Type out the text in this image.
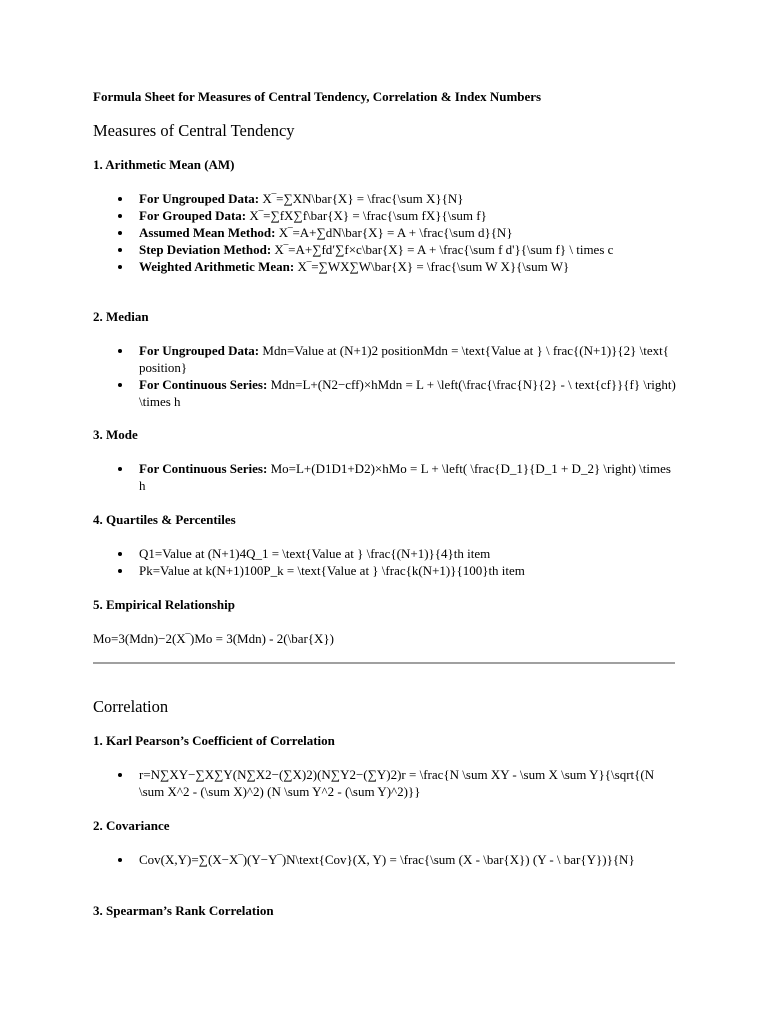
Formula Sheet for Measures of Central Tendency, Correlation & Index Numbers
Measures of Central Tendency
1. Arithmetic Mean (AM)
For Ungrouped Data: X‾=∑XN\bar{X} = \frac{\sum X}{N}
For Grouped Data: X‾=∑fX∑f\bar{X} = \frac{\sum fX}{\sum f}
Assumed Mean Method: X‾=A+∑dN\bar{X} = A + \frac{\sum d}{N}
Step Deviation Method: X‾=A+∑fd′∑f×c\bar{X} = A + \frac{\sum f d'}{\sum f} \ times c
Weighted Arithmetic Mean: X‾=∑WX∑W\bar{X} = \frac{\sum W X}{\sum W}
2. Median
For Ungrouped Data: Mdn=Value at (N+1)2 positionMdn = \text{Value at } \ frac{(N+1)}{2} \text{ position}
For Continuous Series: Mdn=L+(N2−cff)×hMdn = L + \left(\frac{\frac{N}{2} - \ text{cf}}{f} \right) \times h
3. Mode
For Continuous Series: Mo=L+(D1D1+D2)×hMo = L + \left( \frac{D_1}{D_1 + D_2} \right) \times h
4. Quartiles & Percentiles
Q1=Value at (N+1)4Q_1 = \text{Value at } \frac{(N+1)}{4}th item
Pk=Value at k(N+1)100P_k = \text{Value at } \frac{k(N+1)}{100}th item
5. Empirical Relationship
Mo=3(Mdn)−2(X‾)Mo = 3(Mdn) - 2(\bar{X})
Correlation
1. Karl Pearson’s Coefficient of Correlation
r=N∑XY−∑X∑Y(N∑X2−(∑X)2)(N∑Y2−(∑Y)2)r = \frac{N \sum XY - \sum X \sum Y}{\sqrt{(N \sum X^2 - (\sum X)^2) (N \sum Y^2 - (\sum Y)^2)}}
2. Covariance
Cov(X,Y)=∑(X−X‾)(Y−Y‾)N\text{Cov}(X, Y) = \frac{\sum (X - \bar{X}) (Y - \ bar{Y})}{N}
3. Spearman’s Rank Correlation
